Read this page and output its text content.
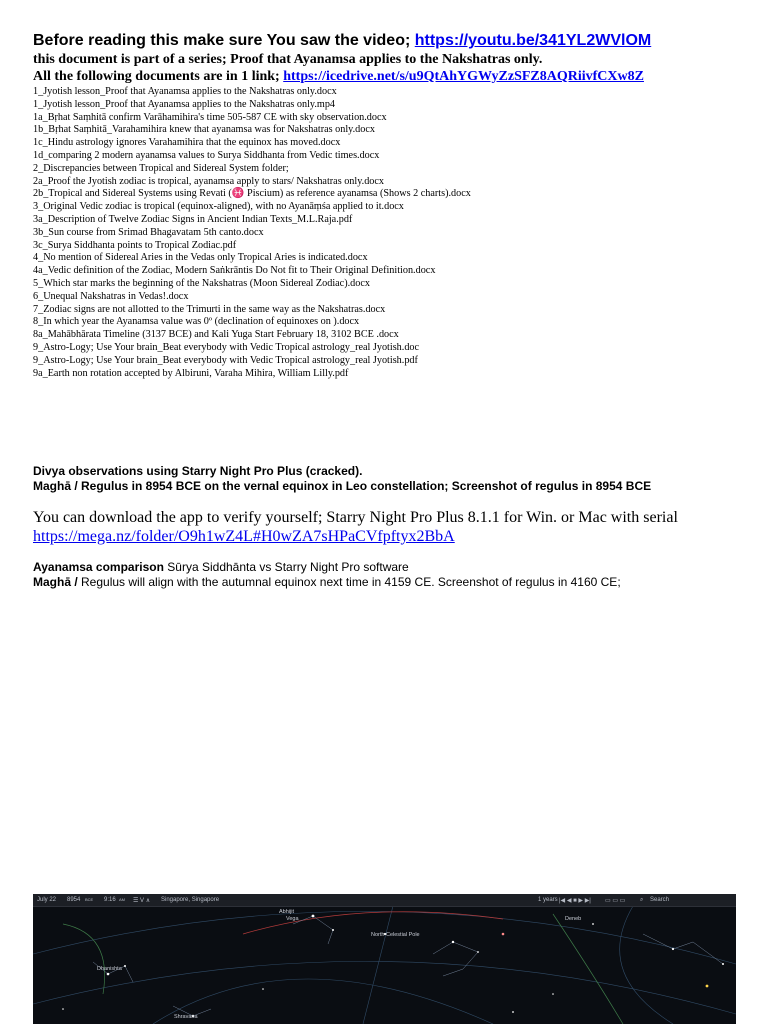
Before reading this make sure You saw the video; https://youtu.be/341YL2WVlOM
this document is part of a series; Proof that Ayanamsa applies to the Nakshatras only.
All the following documents are in 1 link; https://icedrive.net/s/u9QtAhYGWyZzSFZ8AQRiivfCXw8Z
1_Jyotish lesson_Proof that Ayanamsa applies to the Nakshatras only.docx
1_Jyotish lesson_Proof that Ayanamsa applies to the Nakshatras only.mp4
1a_Bṛhat Saṃhitā confirm Varāhamihira's time 505-587 CE with sky observation.docx
1b_Bṛhat Saṃhitā_Varahamihira knew that ayanamsa was for Nakshatras only.docx
1c_Hindu astrology ignores Varahamihira that the equinox has moved.docx
1d_comparing 2 modern ayanamsa values to Surya Siddhanta from Vedic times.docx
2_Discrepancies between Tropical and Sidereal System folder;
2a_Proof the Jyotish zodiac is tropical, ayanamsa apply to stars/ Nakshatras only.docx
2b_Tropical and Sidereal Systems using Revati (♓ Piscium) as reference ayanamsa (Shows 2 charts).docx
3_Original Vedic zodiac is tropical (equinox-aligned), with no Ayanāṃśa applied to it.docx
3a_Description of Twelve Zodiac Signs in Ancient Indian Texts_M.L.Raja.pdf
3b_Sun course from Srimad Bhagavatam 5th canto.docx
3c_Surya Siddhanta points to Tropical Zodiac.pdf
4_No mention of Sidereal Aries in the Vedas only Tropical Aries is indicated.docx
4a_Vedic definition of the Zodiac, Modern Saṅkrāntis Do Not fit to Their Original Definition.docx
5_Which star marks the beginning of the Nakshatras (Moon Sidereal Zodiac).docx
6_Unequal Nakshatras in Vedas!.docx
7_Zodiac signs are not allotted to the Trimurti in the same way as the Nakshatras.docx
8_In which year the Ayanamsa value was 0º (declination of equinoxes on ).docx
8a_Mahābhārata Timeline (3137 BCE) and Kali Yuga Start February 18, 3102 BCE .docx
9_Astro-Logy; Use Your brain_Beat everybody with Vedic Tropical astrology_real Jyotish.doc
9_Astro-Logy; Use Your brain_Beat everybody with Vedic Tropical astrology_real Jyotish.pdf
9a_Earth non rotation accepted by Albiruni, Varaha Mihira, William Lilly.pdf
Divya observations using Starry Night Pro Plus (cracked).
Maghā / Regulus in 8954 BCE on the vernal equinox in Leo constellation; Screenshot of regulus in 8954 BCE
You can download the app to verify yourself; Starry Night Pro Plus 8.1.1 for Win. or Mac with serial
https://mega.nz/folder/O9h1wZ4L#H0wZA7sHPaCVfpftyx2BbA
Ayanamsa comparison Sūrya Siddhānta vs Starry Night Pro software
Maghā / Regulus will align with the autumnal equinox next time in 4159 CE. Screenshot of regulus in 4160 CE;
July 22 8954 BCE 9:16 AM ☰ V ∧ Singapore, Singapore	1 years |◀ ◀ ■ ▶ ▶| ▭ ▭ ▭ ⌕ Search
Dhanishta
Shravana
North Celestial Pole
Vega	Deneb
Abhijit
